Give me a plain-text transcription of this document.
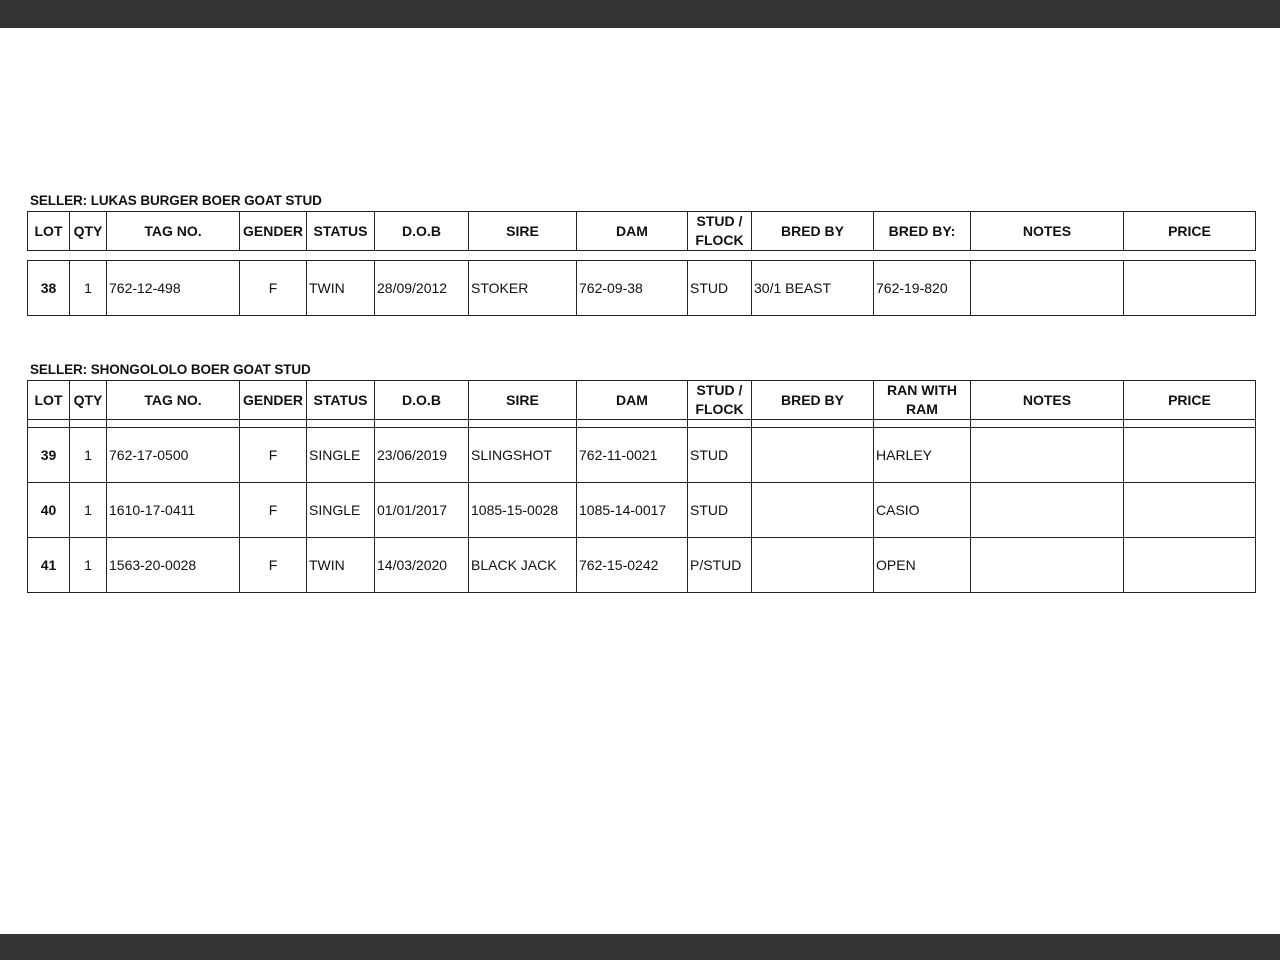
SELLER: LUKAS BURGER BOER GOAT STUD
LOT	QTY	TAG NO.	GENDER	STATUS	D.O.B	SIRE	DAM	STUD / FLOCK	BRED BY	BRED BY:	NOTES	PRICE

38	1	762-12-498	F	TWIN	28/09/2012	STOKER	762-09-38	STUD	30/1 BEAST	762-19-820		
SELLER: SHONGOLOLO BOER GOAT STUD
LOT	QTY	TAG NO.	GENDER	STATUS	D.O.B	SIRE	DAM	STUD / FLOCK	BRED BY	RAN WITH RAM	NOTES	PRICE

39	1	762-17-0500	F	SINGLE	23/06/2019	SLINGSHOT	762-11-0021	STUD		HARLEY		
40	1	1610-17-0411	F	SINGLE	01/01/2017	1085-15-0028	1085-14-0017	STUD		CASIO		
41	1	1563-20-0028	F	TWIN	14/03/2020	BLACK JACK	762-15-0242	P/STUD		OPEN		
